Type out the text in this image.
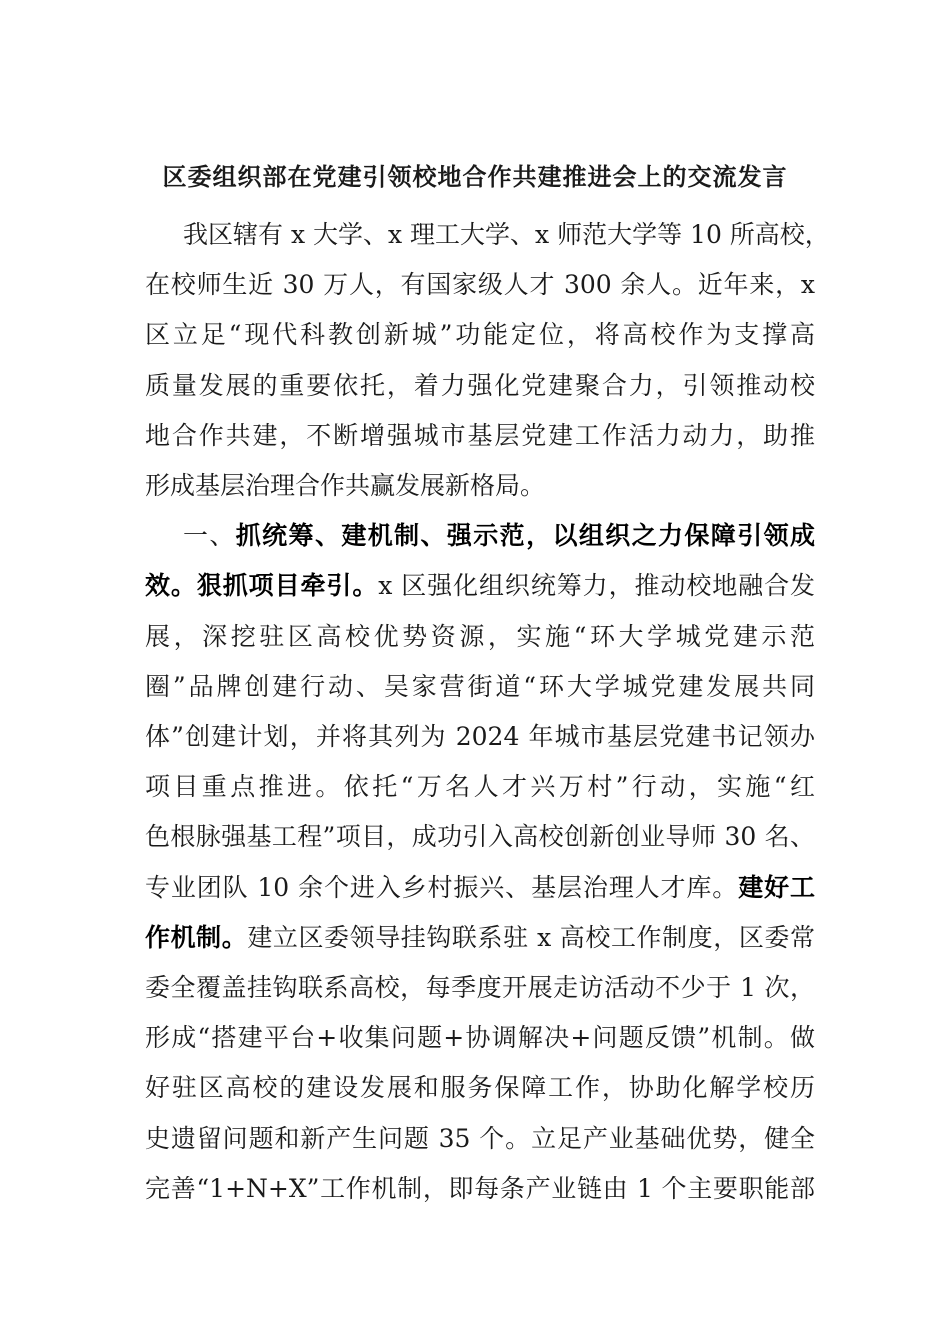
区委组织部在党建引领校地合作共建推进会上的交流发言
我区辖有 x 大学、x 理工大学、x 师范大学等 10 所高校，
在校师生近 30 万人，有国家级人才 300 余人。近年来，x
区立足“现代科教创新城”功能定位，将高校作为支撑高
质量发展的重要依托，着力强化党建聚合力，引领推动校
地合作共建，不断增强城市基层党建工作活力动力，助推
形成基层治理合作共赢发展新格局。
一、抓统筹、建机制、强示范，以组织之力保障引领成
效。狠抓项目牵引。x 区强化组织统筹力，推动校地融合发
展，深挖驻区高校优势资源，实施“环大学城党建示范
圈”品牌创建行动、吴家营街道“环大学城党建发展共同
体”创建计划，并将其列为 2024 年城市基层党建书记领办
项目重点推进。依托“万名人才兴万村”行动，实施“红
色根脉强基工程”项目，成功引入高校创新创业导师 30 名、
专业团队 10 余个进入乡村振兴、基层治理人才库。建好工
作机制。建立区委领导挂钩联系驻 x 高校工作制度，区委常
委全覆盖挂钩联系高校，每季度开展走访活动不少于 1 次，
形成“搭建平台+收集问题+协调解决+问题反馈”机制。做
好驻区高校的建设发展和服务保障工作，协助化解学校历
史遗留问题和新产生问题 35 个。立足产业基础优势，健全
完善“1+N+X”工作机制，即每条产业链由 1 个主要职能部
